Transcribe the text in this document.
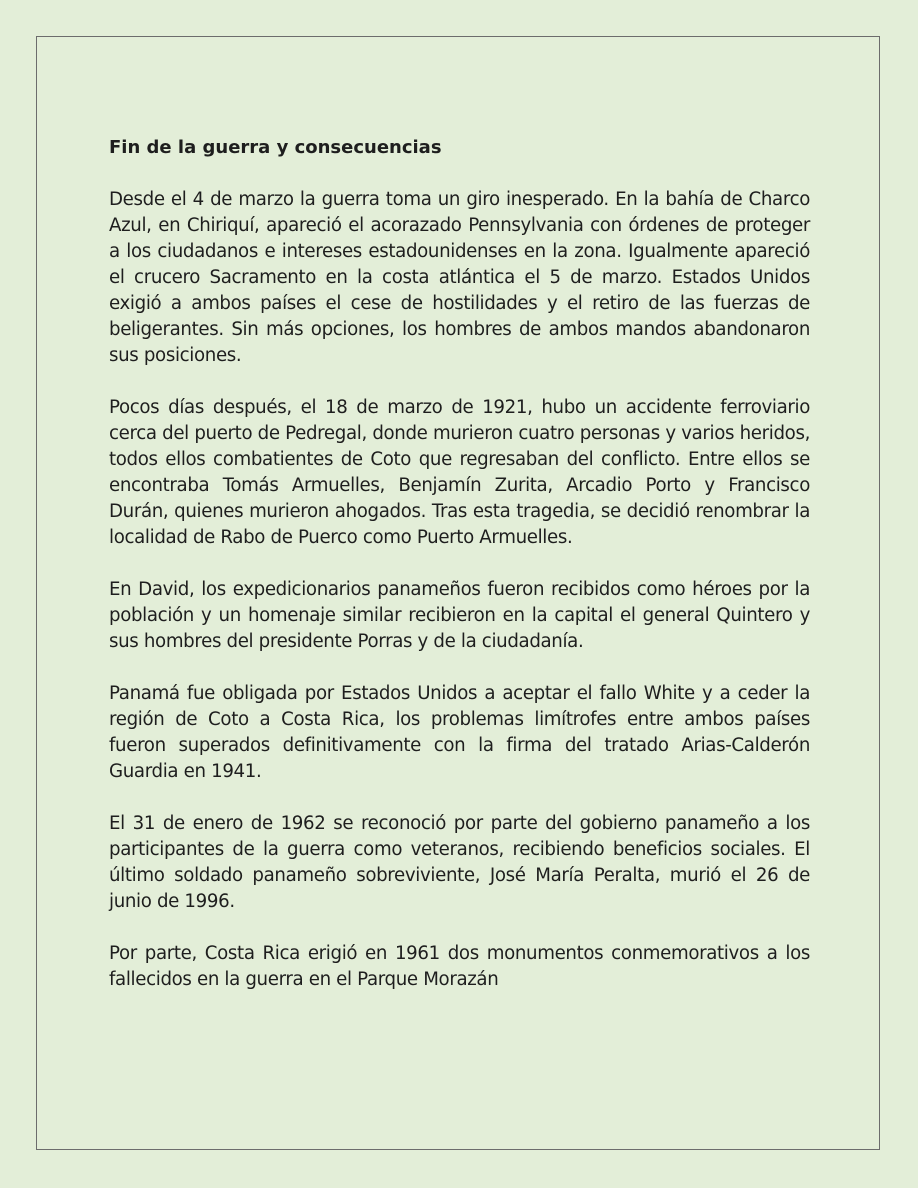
Fin de la guerra y consecuencias

Desde el 4 de marzo la guerra toma un giro inesperado. En la bahía de Charco Azul, en Chiriquí, apareció el acorazado Pennsylvania con órdenes de proteger a los ciudadanos e intereses estadounidenses en la zona. Igualmente apareció el crucero Sacramento en la costa atlántica el 5 de marzo. Estados Unidos exigió a ambos países el cese de hostilidades y el retiro de las fuerzas de beligerantes. Sin más opciones, los hombres de ambos mandos abandonaron sus posiciones.

Pocos días después, el 18 de marzo de 1921, hubo un accidente ferroviario cerca del puerto de Pedregal, donde murieron cuatro personas y varios heridos, todos ellos combatientes de Coto que regresaban del conflicto. Entre ellos se encontraba Tomás Armuelles, Benjamín Zurita, Arcadio Porto y Francisco Durán, quienes murieron ahogados. Tras esta tragedia, se decidió renombrar la localidad de Rabo de Puerco como Puerto Armuelles.

En David, los expedicionarios panameños fueron recibidos como héroes por la población y un homenaje similar recibieron en la capital el general Quintero y sus hombres del presidente Porras y de la ciudadanía.

Panamá fue obligada por Estados Unidos a aceptar el fallo White y a ceder la región de Coto a Costa Rica, los problemas limítrofes entre ambos países fueron superados definitivamente con la firma del tratado Arias-Calderón Guardia en 1941.

El 31 de enero de 1962 se reconoció por parte del gobierno panameño a los participantes de la guerra como veteranos, recibiendo beneficios sociales. El último soldado panameño sobreviviente, José María Peralta, murió el 26 de junio de 1996.

Por parte, Costa Rica erigió en 1961 dos monumentos conmemorativos a los fallecidos en la guerra en el Parque Morazán
